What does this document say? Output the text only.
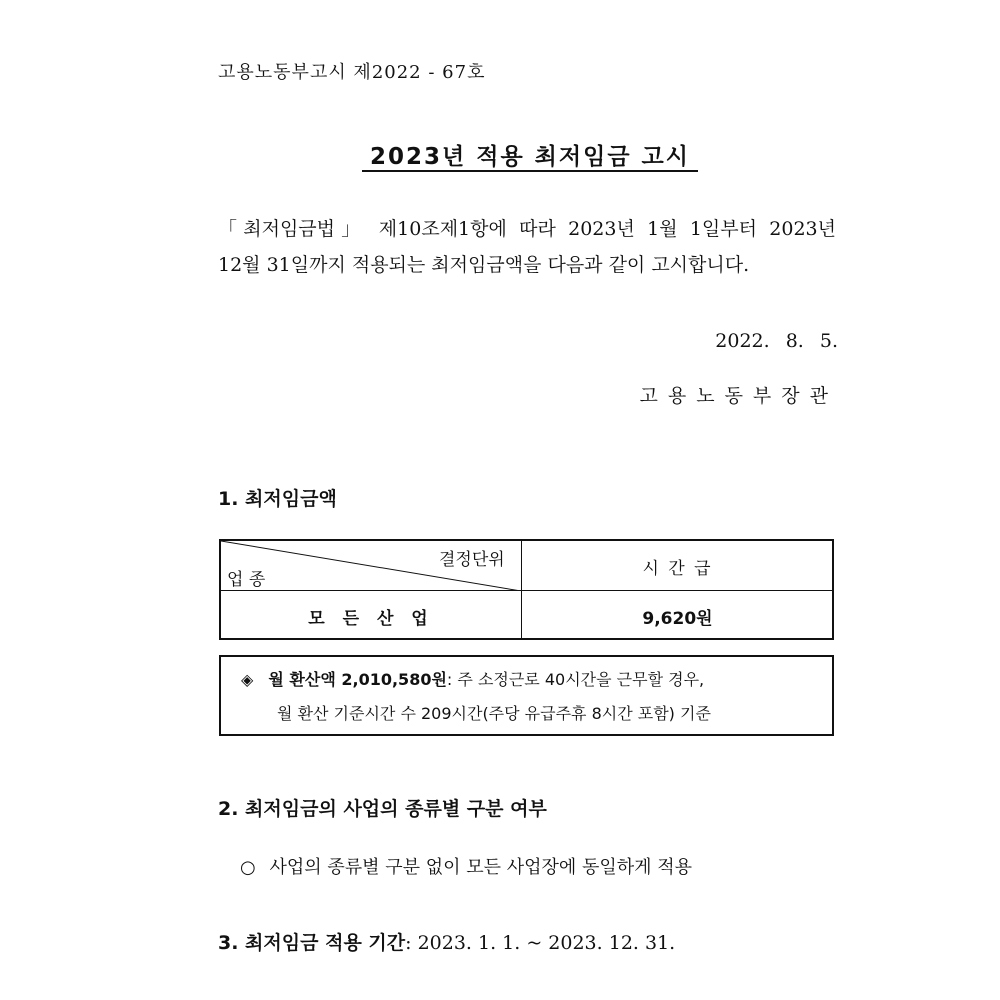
고용노동부고시 제2022 - 67호
2023년 적용 최저임금 고시
「최저임금법」 제10조제1항에 따라 2023년 1월 1일부터 2023년
12월 31일까지 적용되는 최저임금액을 다음과 같이 고시합니다.
2022. 8. 5.
고용노동부장관
1. 최저임금액
결정단위
업 종
시 간 급
모 든 산 업	9,620원
◈ 월 환산액 2,010,580원: 주 소정근로 40시간을 근무할 경우,
월 환산 기준시간 수 209시간(주당 유급주휴 8시간 포함) 기준
2. 최저임금의 사업의 종류별 구분 여부
○ 사업의 종류별 구분 없이 모든 사업장에 동일하게 적용
3. 최저임금 적용 기간: 2023. 1. 1. ~ 2023. 12. 31.
